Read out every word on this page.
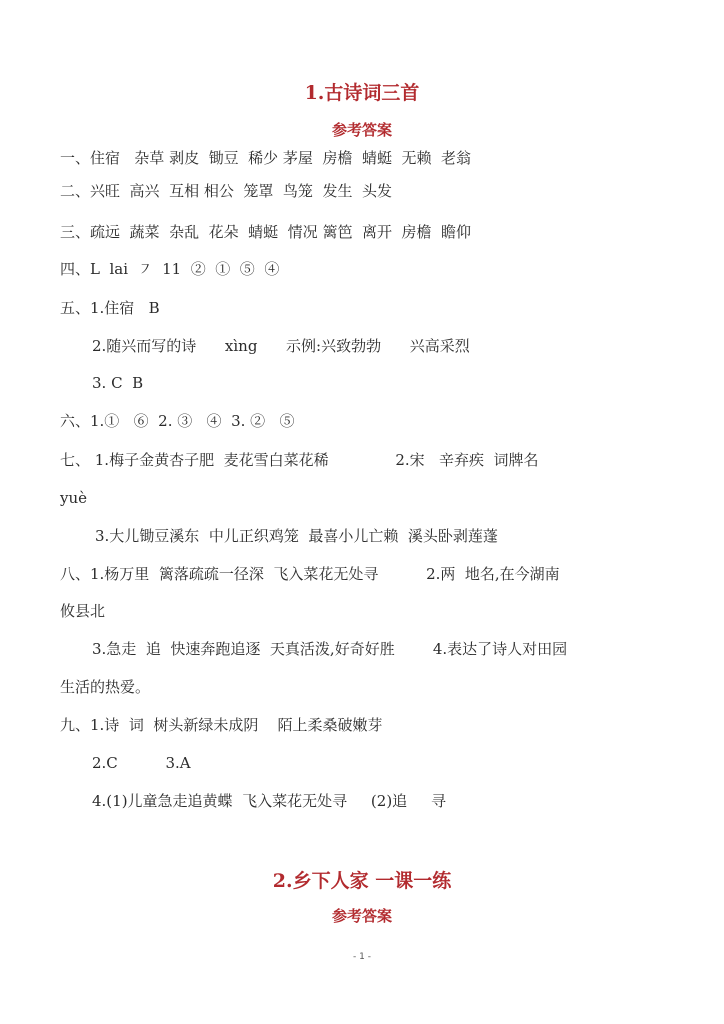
1.古诗词三首
参考答案
一、住宿   杂草 剥皮  锄豆  稀少 茅屋  房檐  蜻蜓  无赖  老翁
二、兴旺  高兴  互相 相公  笼罩  鸟笼  发生  头发
三、疏远  蔬菜  杂乱  花朵  蜻蜓  情况 篱笆  离开  房檐  瞻仰
四、L  lai  ㇇  11  ②  ①  ⑤  ④
五、1.住宿   B
2.随兴而写的诗      xìng      示例:兴致勃勃      兴高采烈
3. C  B
六、1.①   ⑥  2. ③   ④  3. ②   ⑤
七、 1.梅子金黄杏子肥  麦花雪白菜花稀              2.宋   辛弃疾  词牌名
yuè
3.大儿锄豆溪东  中儿正织鸡笼  最喜小儿亡赖  溪头卧剥莲蓬
八、1.杨万里  篱落疏疏一径深  飞入菜花无处寻          2.两  地名,在今湖南
攸县北
3.急走  追  快速奔跑追逐  天真活泼,好奇好胜        4.表达了诗人对田园
生活的热爱。
九、1.诗  词  树头新绿未成阴    陌上柔桑破嫩芽
2.C          3.A
4.(1)儿童急走追黄蝶  飞入菜花无处寻     (2)追     寻
2.乡下人家 一课一练
参考答案
- 1 -
